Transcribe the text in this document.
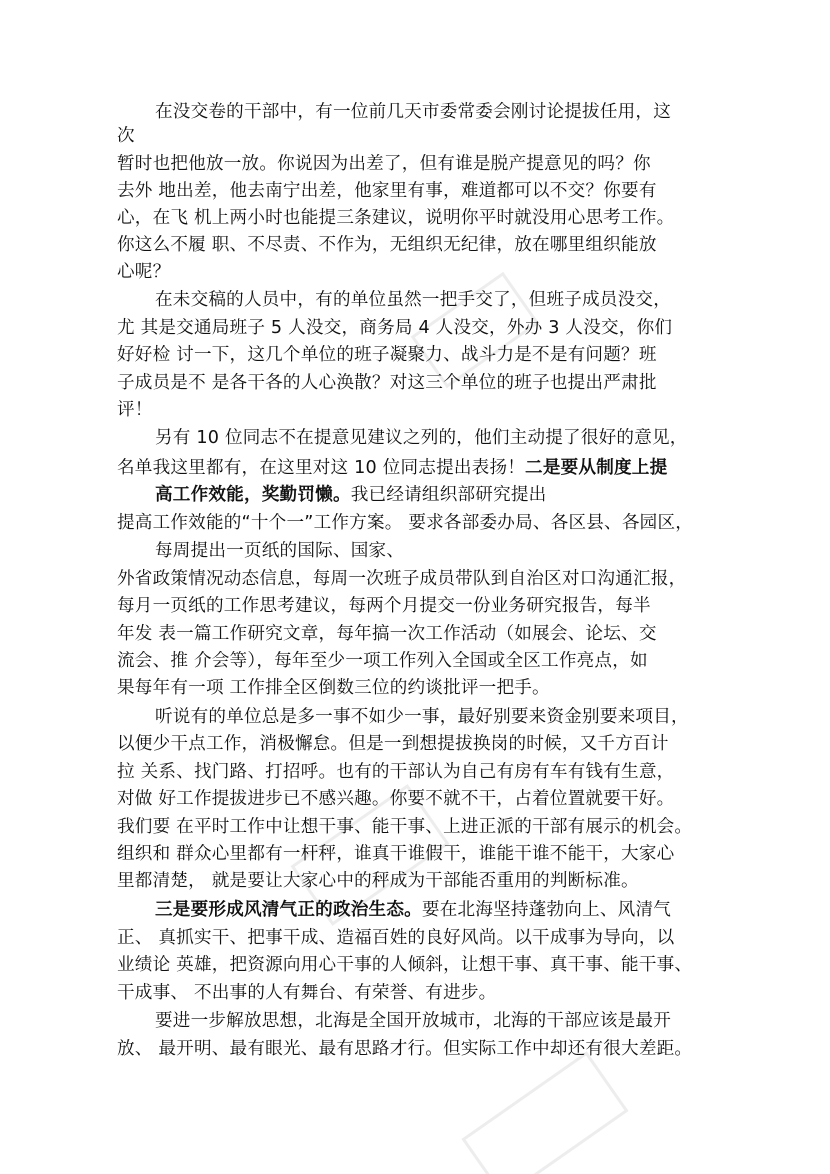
在没交卷的干部中，有一位前几天市委常委会刚讨论提拔任用，这
次
暂时也把他放一放。你说因为出差了，但有谁是脱产提意见的吗？你
去外 地出差，他去南宁出差，他家里有事，难道都可以不交？你要有
心，在飞 机上两小时也能提三条建议，说明你平时就没用心思考工作。
你这么不履 职、不尽责、不作为，无组织无纪律，放在哪里组织能放
心呢？
在未交稿的人员中，有的单位虽然一把手交了，但班子成员没交，
尤 其是交通局班子 5 人没交，商务局 4 人没交，外办 3 人没交，你们
好好检 讨一下，这几个单位的班子凝聚力、战斗力是不是有问题？班
子成员是不 是各干各的人心涣散？对这三个单位的班子也提出严肃批
评！
另有 10 位同志不在提意见建议之列的，他们主动提了很好的意见，
名单我这里都有，在这里对这 10 位同志提出表扬！二是要从制度上提
高工作效能，奖勤罚懒。我已经请组织部研究提出
提高工作效能的“十个一”工作方案。 要求各部委办局、各区县、各园区，
每周提出一页纸的国际、国家、
外省政策情况动态信息，每周一次班子成员带队到自治区对口沟通汇报，
每月一页纸的工作思考建议，每两个月提交一份业务研究报告，每半
年发 表一篇工作研究文章，每年搞一次工作活动（如展会、论坛、交
流会、推 介会等），每年至少一项工作列入全国或全区工作亮点，如
果每年有一项 工作排全区倒数三位的约谈批评一把手。
听说有的单位总是多一事不如少一事，最好别要来资金别要来项目，
以便少干点工作，消极懈怠。但是一到想提拔换岗的时候，又千方百计
拉 关系、找门路、打招呼。也有的干部认为自己有房有车有钱有生意，
对做 好工作提拔进步已不感兴趣。你要不就不干，占着位置就要干好。
我们要 在平时工作中让想干事、能干事、上进正派的干部有展示的机会。
组织和 群众心里都有一杆秤，谁真干谁假干，谁能干谁不能干，大家心
里都清楚， 就是要让大家心中的秤成为干部能否重用的判断标准。
三是要形成风清气正的政治生态。要在北海坚持蓬勃向上、风清气
正、 真抓实干、把事干成、造福百姓的良好风尚。以干成事为导向，以
业绩论 英雄，把资源向用心干事的人倾斜，让想干事、真干事、能干事、
干成事、 不出事的人有舞台、有荣誉、有进步。
要进一步解放思想，北海是全国开放城市，北海的干部应该是最开
放、 最开明、最有眼光、最有思路才行。但实际工作中却还有很大差距。
